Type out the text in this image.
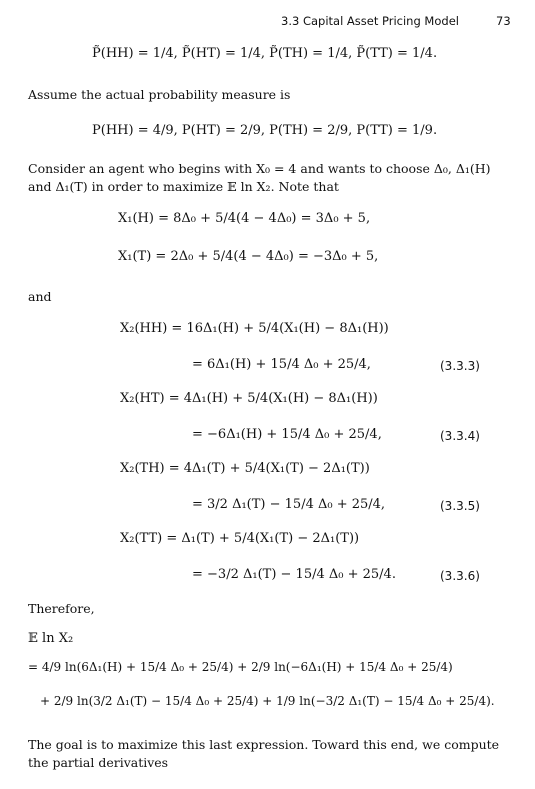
3.3 Capital Asset Pricing Model	73
P̃(HH) = 1/4, P̃(HT) = 1/4, P̃(TH) = 1/4, P̃(TT) = 1/4.
Assume the actual probability measure is
P(HH) = 4/9, P(HT) = 2/9, P(TH) = 2/9, P(TT) = 1/9.
Consider an agent who begins with X₀ = 4 and wants to choose Δ₀, Δ₁(H) and Δ₁(T) in order to maximize 𝔼 ln X₂. Note that
X₁(H) = 8Δ₀ + 5/4(4 − 4Δ₀) = 3Δ₀ + 5,
X₁(T) = 2Δ₀ + 5/4(4 − 4Δ₀) = −3Δ₀ + 5,
and
X₂(HH) = 16Δ₁(H) + 5/4(X₁(H) − 8Δ₁(H))
= 6Δ₁(H) + 15/4 Δ₀ + 25/4,	(3.3.3)
X₂(HT) = 4Δ₁(H) + 5/4(X₁(H) − 8Δ₁(H))
= −6Δ₁(H) + 15/4 Δ₀ + 25/4,	(3.3.4)
X₂(TH) = 4Δ₁(T) + 5/4(X₁(T) − 2Δ₁(T))
= 3/2 Δ₁(T) − 15/4 Δ₀ + 25/4,	(3.3.5)
X₂(TT) = Δ₁(T) + 5/4(X₁(T) − 2Δ₁(T))
= −3/2 Δ₁(T) − 15/4 Δ₀ + 25/4.	(3.3.6)
Therefore,
𝔼 ln X₂
= 4/9 ln(6Δ₁(H) + 15/4 Δ₀ + 25/4) + 2/9 ln(−6Δ₁(H) + 15/4 Δ₀ + 25/4)
+ 2/9 ln(3/2 Δ₁(T) − 15/4 Δ₀ + 25/4) + 1/9 ln(−3/2 Δ₁(T) − 15/4 Δ₀ + 25/4).
The goal is to maximize this last expression. Toward this end, we compute the partial derivatives
